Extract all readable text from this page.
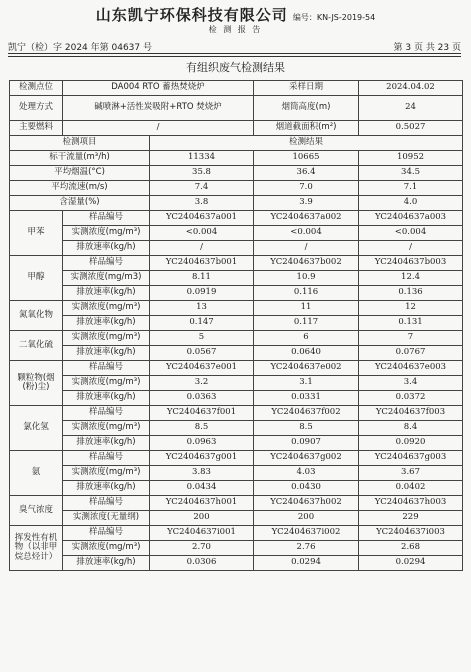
山东凯宁环保科技有限公司 编号：KN-JS-2019-54
检 测 报 告
凯宁（检）字 2024 年第 04637 号	第 3 页 共 23 页
有组织废气检测结果
检测点位	DA004 RTO 蓄热焚烧炉		采样日期	2024.04.02
处理方式	碱喷淋+活性炭吸附+RTO 焚烧炉		烟筒高度(m)	24
主要燃料	/		烟道截面积(m²)	0.5027
检测项目		检测结果		
标干流量(m³/h)		11334	10665	10952
平均烟温(°C)		35.8	36.4	34.5
平均流速(m/s)		7.4	7.0	7.1
含湿量(%)		3.8	3.9	4.0
甲苯	样品编号	YC2404637a001	YC2404637a002	YC2404637a003
	实测浓度(mg/m³)	<0.004	<0.004	<0.004
	排放速率(kg/h)	/	/	/
甲醇	样品编号	YC2404637b001	YC2404637b002	YC2404637b003
	实测浓度(mg/m3)	8.11	10.9	12.4
	排放速率(kg/h)	0.0919	0.116	0.136
氮氧化物	实测浓度(mg/m³)	13	11	12
	排放速率(kg/h)	0.147	0.117	0.131
二氧化硫	实测浓度(mg/m³)	5	6	7
	排放速率(kg/h)	0.0567	0.0640	0.0767
颗粒物(烟(粉)尘)	样品编号	YC2404637e001	YC2404637e002	YC2404637e003
	实测浓度(mg/m³)	3.2	3.1	3.4
	排放速率(kg/h)	0.0363	0.0331	0.0372
氯化氢	样品编号	YC2404637f001	YC2404637f002	YC2404637f003
	实测浓度(mg/m³)	8.5	8.5	8.4
	排放速率(kg/h)	0.0963	0.0907	0.0920
氨	样品编号	YC2404637g001	YC2404637g002	YC2404637g003
	实测浓度(mg/m³)	3.83	4.03	3.67
	排放速率(kg/h)	0.0434	0.0430	0.0402
臭气浓度	样品编号	YC2404637h001	YC2404637h002	YC2404637h003
	实测浓度(无量纲)	200	200	229
挥发性有机物（以非甲烷总烃计）	样品编号	YC2404637i001	YC2404637i002	YC2404637i003
	实测浓度(mg/m³)	2.70	2.76	2.68
	排放速率(kg/h)	0.0306	0.0294	0.0294
